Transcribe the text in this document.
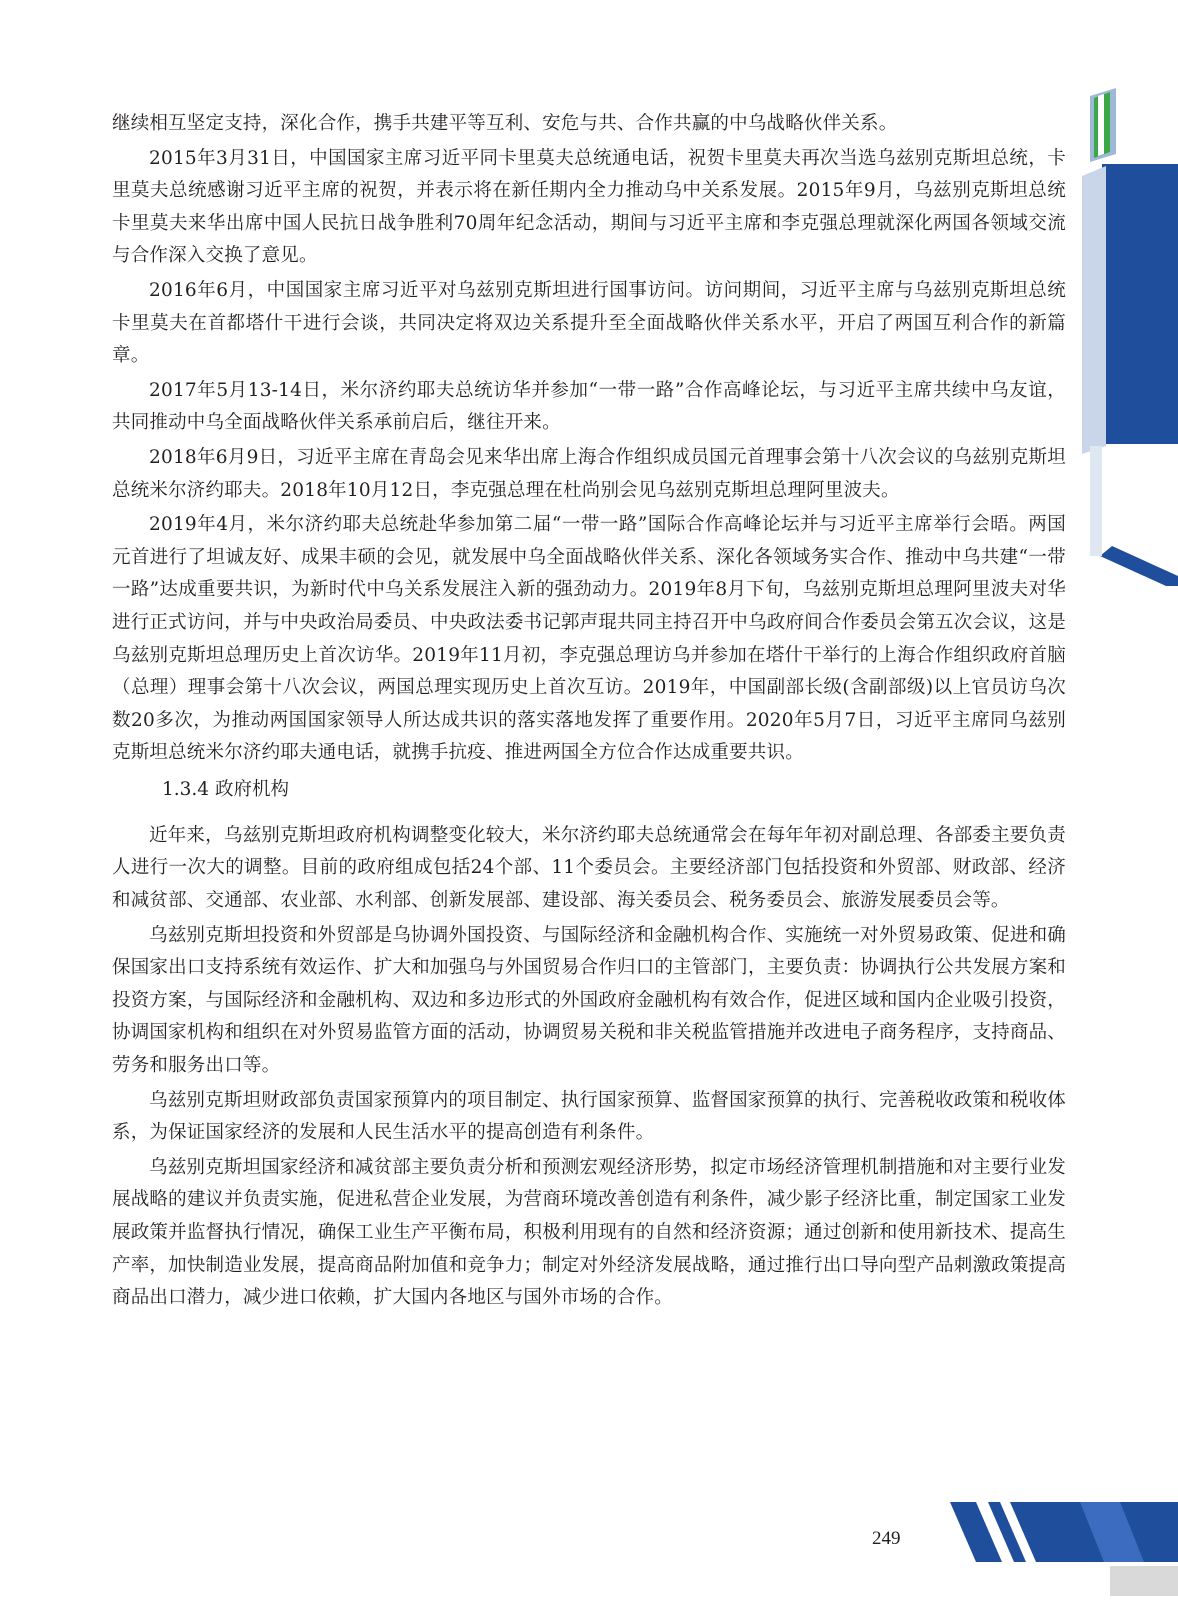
继续相互坚定支持，深化合作，携手共建平等互利、安危与共、合作共赢的中乌战略伙伴关系。

2015年3月31日，中国国家主席习近平同卡里莫夫总统通电话，祝贺卡里莫夫再次当选乌兹别克斯坦总统，卡里莫夫总统感谢习近平主席的祝贺，并表示将在新任期内全力推动乌中关系发展。2015年9月，乌兹别克斯坦总统卡里莫夫来华出席中国人民抗日战争胜利70周年纪念活动，期间与习近平主席和李克强总理就深化两国各领域交流与合作深入交换了意见。

2016年6月，中国国家主席习近平对乌兹别克斯坦进行国事访问。访问期间，习近平主席与乌兹别克斯坦总统卡里莫夫在首都塔什干进行会谈，共同决定将双边关系提升至全面战略伙伴关系水平，开启了两国互利合作的新篇章。

2017年5月13-14日，米尔济约耶夫总统访华并参加“一带一路”合作高峰论坛，与习近平主席共续中乌友谊，共同推动中乌全面战略伙伴关系承前启后，继往开来。

2018年6月9日，习近平主席在青岛会见来华出席上海合作组织成员国元首理事会第十八次会议的乌兹别克斯坦总统米尔济约耶夫。2018年10月12日，李克强总理在杜尚别会见乌兹别克斯坦总理阿里波夫。

2019年4月，米尔济约耶夫总统赴华参加第二届“一带一路”国际合作高峰论坛并与习近平主席举行会晤。两国元首进行了坦诚友好、成果丰硕的会见，就发展中乌全面战略伙伴关系、深化各领域务实合作、推动中乌共建“一带一路”达成重要共识，为新时代中乌关系发展注入新的强劲动力。2019年8月下旬，乌兹别克斯坦总理阿里波夫对华进行正式访问，并与中央政治局委员、中央政法委书记郭声琨共同主持召开中乌政府间合作委员会第五次会议，这是乌兹别克斯坦总理历史上首次访华。2019年11月初，李克强总理访乌并参加在塔什干举行的上海合作组织政府首脑（总理）理事会第十八次会议，两国总理实现历史上首次互访。2019年，中国副部长级(含副部级)以上官员访乌次数20多次，为推动两国国家领导人所达成共识的落实落地发挥了重要作用。2020年5月7日，习近平主席同乌兹别克斯坦总统米尔济约耶夫通电话，就携手抗疫、推进两国全方位合作达成重要共识。

1.3.4 政府机构

近年来，乌兹别克斯坦政府机构调整变化较大，米尔济约耶夫总统通常会在每年年初对副总理、各部委主要负责人进行一次大的调整。目前的政府组成包括24个部、11个委员会。主要经济部门包括投资和外贸部、财政部、经济和减贫部、交通部、农业部、水利部、创新发展部、建设部、海关委员会、税务委员会、旅游发展委员会等。

乌兹别克斯坦投资和外贸部是乌协调外国投资、与国际经济和金融机构合作、实施统一对外贸易政策、促进和确保国家出口支持系统有效运作、扩大和加强乌与外国贸易合作归口的主管部门，主要负责：协调执行公共发展方案和投资方案，与国际经济和金融机构、双边和多边形式的外国政府金融机构有效合作，促进区域和国内企业吸引投资，协调国家机构和组织在对外贸易监管方面的活动，协调贸易关税和非关税监管措施并改进电子商务程序，支持商品、劳务和服务出口等。

乌兹别克斯坦财政部负责国家预算内的项目制定、执行国家预算、监督国家预算的执行、完善税收政策和税收体系，为保证国家经济的发展和人民生活水平的提高创造有利条件。

乌兹别克斯坦国家经济和减贫部主要负责分析和预测宏观经济形势，拟定市场经济管理机制措施和对主要行业发展战略的建议并负责实施，促进私营企业发展，为营商环境改善创造有利条件，减少影子经济比重，制定国家工业发展政策并监督执行情况，确保工业生产平衡布局，积极利用现有的自然和经济资源；通过创新和使用新技术、提高生产率，加快制造业发展，提高商品附加值和竞争力；制定对外经济发展战略，通过推行出口导向型产品刺激政策提高商品出口潜力，减少进口依赖，扩大国内各地区与国外市场的合作。

249
